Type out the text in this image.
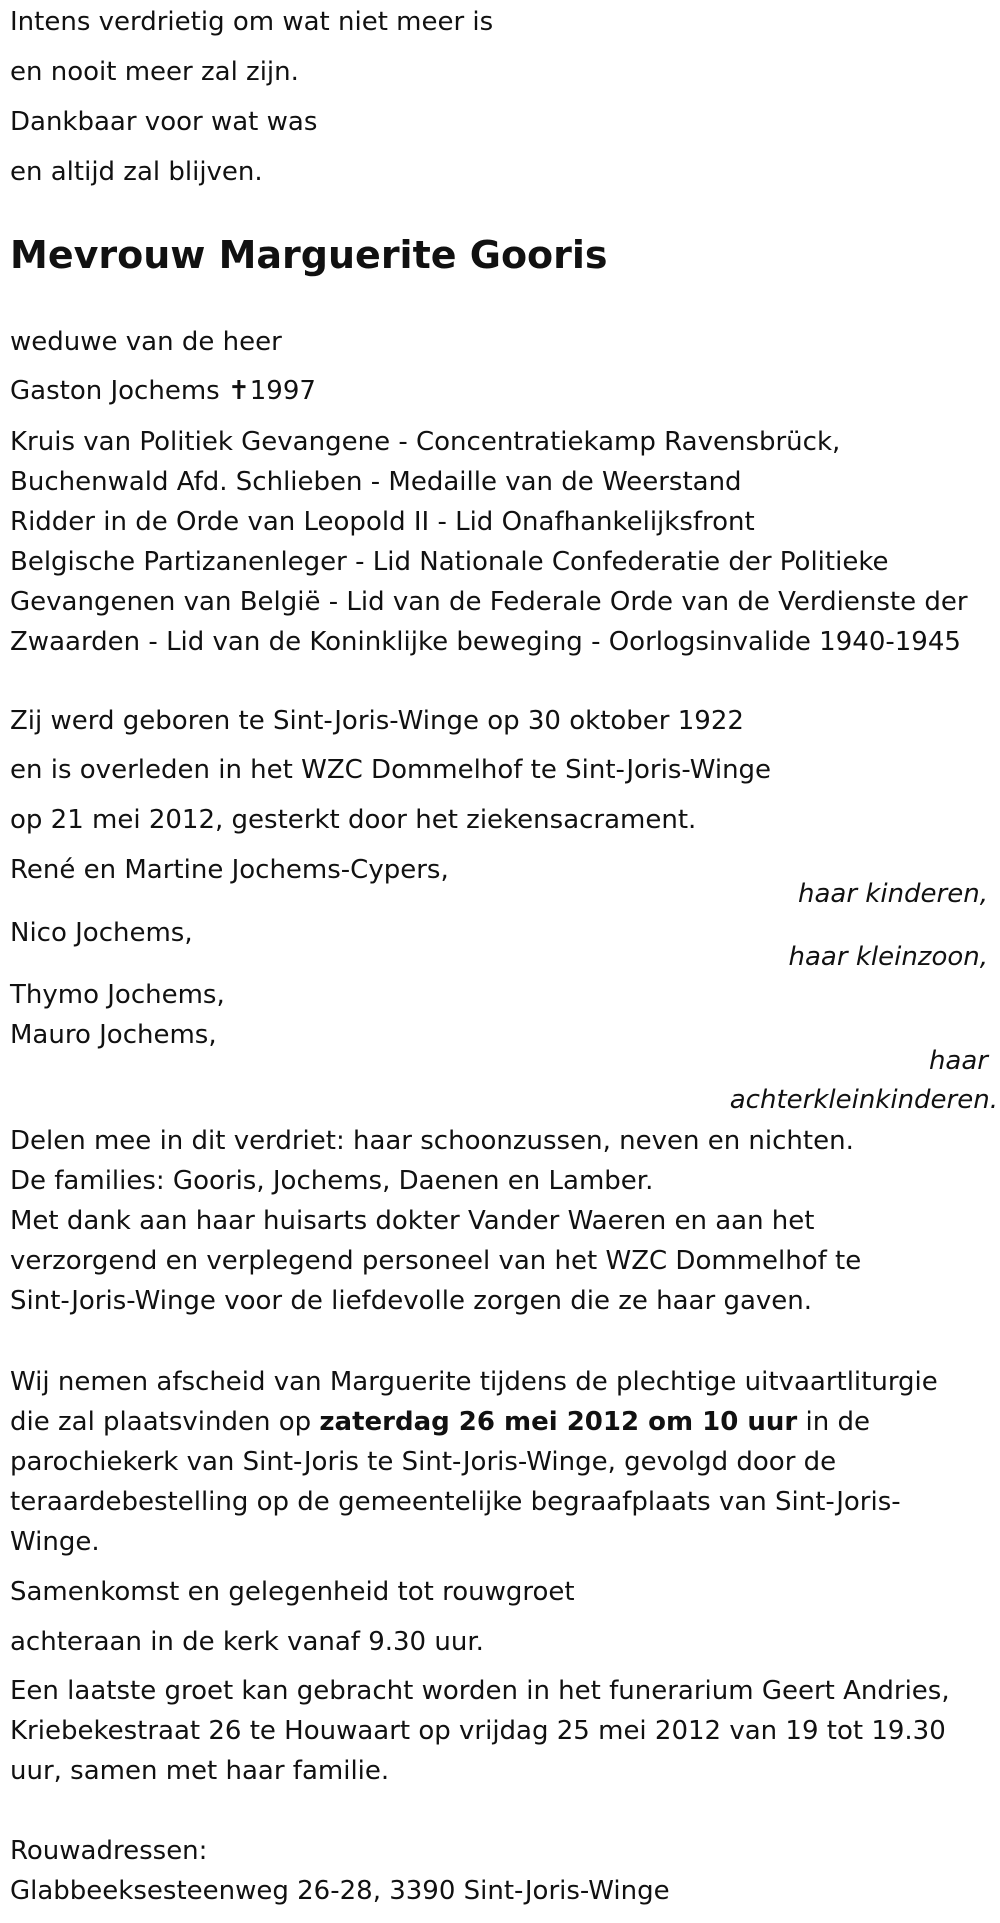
Intens verdrietig om wat niet meer is
en nooit meer zal zijn.
Dankbaar voor wat was
en altijd zal blijven.
Mevrouw Marguerite Gooris
weduwe van de heer
Gaston Jochems ✝1997
Kruis van Politiek Gevangene - Concentratiekamp Ravensbrück,
Buchenwald Afd. Schlieben - Medaille van de Weerstand
Ridder in de Orde van Leopold II - Lid Onafhankelijksfront
Belgische Partizanenleger - Lid Nationale Confederatie der Politieke
Gevangenen van België - Lid van de Federale Orde van de Verdienste der
Zwaarden - Lid van de Koninklijke beweging - Oorlogsinvalide 1940-1945
Zij werd geboren te Sint-Joris-Winge op 30 oktober 1922
en is overleden in het WZC Dommelhof te Sint-Joris-Winge
op 21 mei 2012, gesterkt door het ziekensacrament.
René en Martine Jochems-Cypers,
haar kinderen,
Nico Jochems,
haar kleinzoon,
Thymo Jochems,
Mauro Jochems,
haar
achterkleinkinderen.
Delen mee in dit verdriet: haar schoonzussen, neven en nichten.
De families: Gooris, Jochems, Daenen en Lamber.
Met dank aan haar huisarts dokter Vander Waeren en aan het
verzorgend en verplegend personeel van het WZC Dommelhof te
Sint-Joris-Winge voor de liefdevolle zorgen die ze haar gaven.
Wij nemen afscheid van Marguerite tijdens de plechtige uitvaartliturgie
die zal plaatsvinden op zaterdag 26 mei 2012 om 10 uur in de
parochiekerk van Sint-Joris te Sint-Joris-Winge, gevolgd door de
teraardebestelling op de gemeentelijke begraafplaats van Sint-Joris-
Winge.
Samenkomst en gelegenheid tot rouwgroet
achteraan in de kerk vanaf 9.30 uur.
Een laatste groet kan gebracht worden in het funerarium Geert Andries,
Kriebekestraat 26 te Houwaart op vrijdag 25 mei 2012 van 19 tot 19.30
uur, samen met haar familie.
Rouwadressen:
Glabbeeksesteenweg 26-28, 3390 Sint-Joris-Winge
